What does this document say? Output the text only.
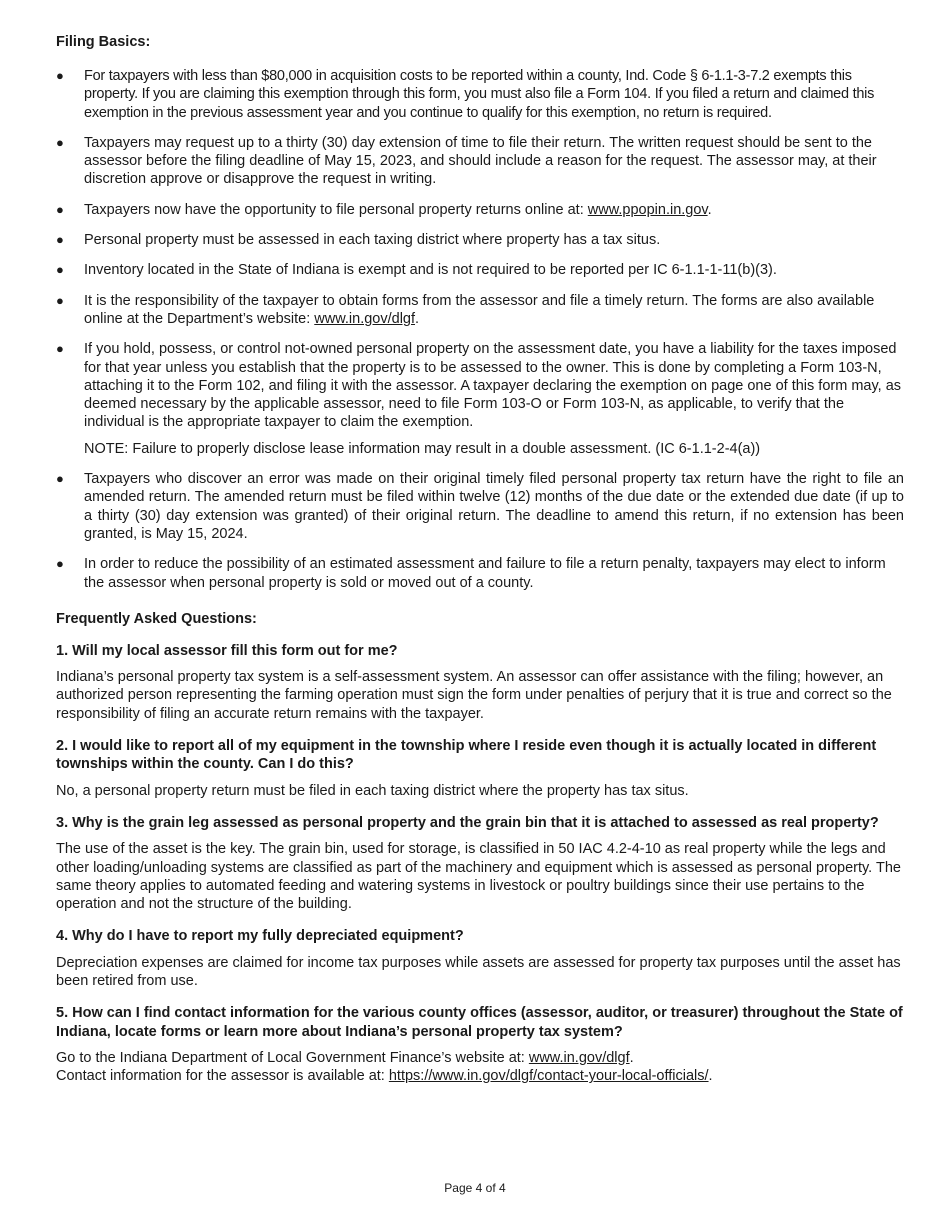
Filing Basics:

● For taxpayers with less than $80,000 in acquisition costs to be reported within a county, Ind. Code § 6-1.1-3-7.2 exempts this property. If you are claiming this exemption through this form, you must also file a Form 104. If you filed a return and claimed this exemption in the previous assessment year and you continue to qualify for this exemption, no return is required.
● Taxpayers may request up to a thirty (30) day extension of time to file their return. The written request should be sent to the assessor before the filing deadline of May 15, 2023, and should include a reason for the request. The assessor may, at their discretion approve or disapprove the request in writing.
● Taxpayers now have the opportunity to file personal property returns online at: www.ppopin.in.gov.
● Personal property must be assessed in each taxing district where property has a tax situs.
● Inventory located in the State of Indiana is exempt and is not required to be reported per IC 6-1.1-1-11(b)(3).
● It is the responsibility of the taxpayer to obtain forms from the assessor and file a timely return. The forms are also available online at the Department’s website: www.in.gov/dlgf.
● If you hold, possess, or control not-owned personal property on the assessment date, you have a liability for the taxes imposed for that year unless you establish that the property is to be assessed to the owner. This is done by completing a Form 103-N, attaching it to the Form 102, and filing it with the assessor. A taxpayer declaring the exemption on page one of this form may, as deemed necessary by the applicable assessor, need to file Form 103-O or Form 103-N, as applicable, to verify that the individual is the appropriate taxpayer to claim the exemption.
NOTE: Failure to properly disclose lease information may result in a double assessment. (IC 6-1.1-2-4(a))
● Taxpayers who discover an error was made on their original timely filed personal property tax return have the right to file an amended return. The amended return must be filed within twelve (12) months of the due date or the extended due date (if up to a thirty (30) day extension was granted) of their original return. The deadline to amend this return, if no extension has been granted, is May 15, 2024.
● In order to reduce the possibility of an estimated assessment and failure to file a return penalty, taxpayers may elect to inform the assessor when personal property is sold or moved out of a county.

Frequently Asked Questions:

1. Will my local assessor fill this form out for me?

Indiana’s personal property tax system is a self-assessment system. An assessor can offer assistance with the filing; however, an authorized person representing the farming operation must sign the form under penalties of perjury that it is true and correct so the responsibility of filing an accurate return remains with the taxpayer.

2. I would like to report all of my equipment in the township where I reside even though it is actually located in different townships within the county. Can I do this?

No, a personal property return must be filed in each taxing district where the property has tax situs.

3. Why is the grain leg assessed as personal property and the grain bin that it is attached to assessed as real property?

The use of the asset is the key. The grain bin, used for storage, is classified in 50 IAC 4.2-4-10 as real property while the legs and other loading/unloading systems are classified as part of the machinery and equipment which is assessed as personal property. The same theory applies to automated feeding and watering systems in livestock or poultry buildings since their use pertains to the operation and not the structure of the building.

4. Why do I have to report my fully depreciated equipment?

Depreciation expenses are claimed for income tax purposes while assets are assessed for property tax purposes until the asset has been retired from use.

5. How can I find contact information for the various county offices (assessor, auditor, or treasurer) throughout the State of Indiana, locate forms or learn more about Indiana’s personal property tax system?

Go to the Indiana Department of Local Government Finance’s website at: www.in.gov/dlgf.
Contact information for the assessor is available at: https://www.in.gov/dlgf/contact-your-local-officials/.

Page 4 of 4
